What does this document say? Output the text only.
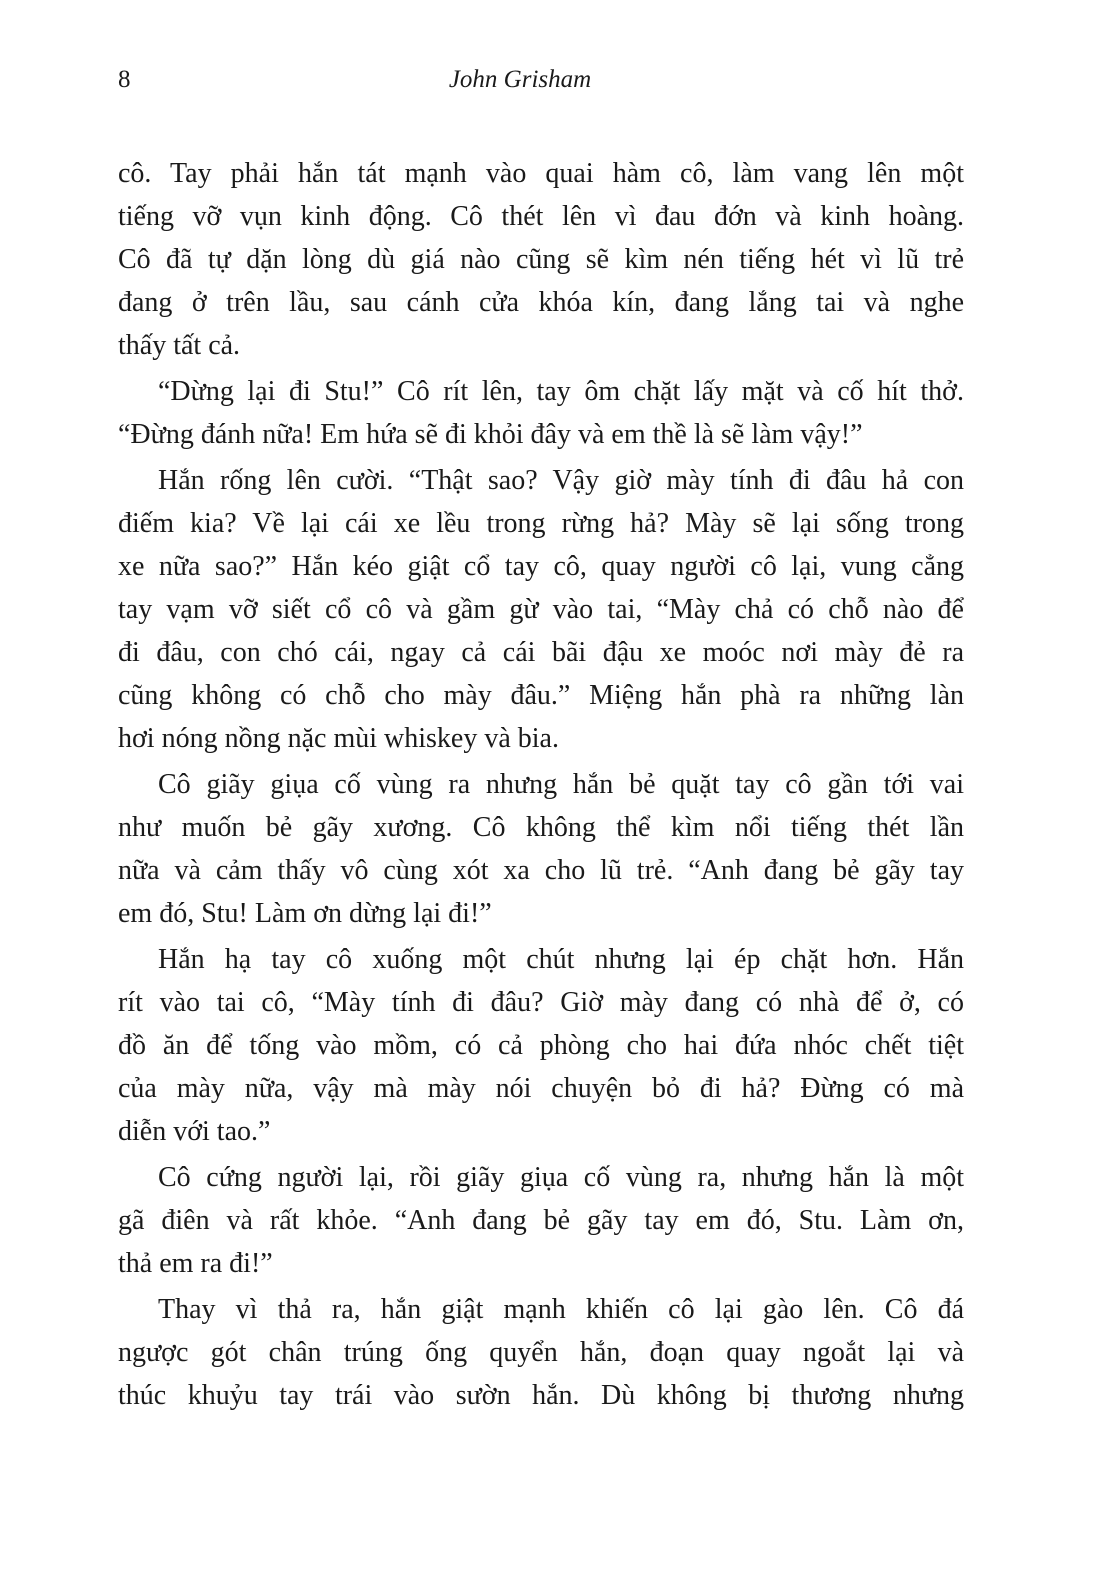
8	John Grisham
cô. Tay phải hắn tát mạnh vào quai hàm cô, làm vang lên một
tiếng vỡ vụn kinh động. Cô thét lên vì đau đớn và kinh hoàng.
Cô đã tự dặn lòng dù giá nào cũng sẽ kìm nén tiếng hét vì lũ trẻ
đang ở trên lầu, sau cánh cửa khóa kín, đang lắng tai và nghe
thấy tất cả.
“Dừng lại đi Stu!” Cô rít lên, tay ôm chặt lấy mặt và cố hít thở.
“Đừng đánh nữa! Em hứa sẽ đi khỏi đây và em thề là sẽ làm vậy!”
Hắn rống lên cười. “Thật sao? Vậy giờ mày tính đi đâu hả con
điếm kia? Về lại cái xe lều trong rừng hả? Mày sẽ lại sống trong
xe nữa sao?” Hắn kéo giật cổ tay cô, quay người cô lại, vung cẳng
tay vạm vỡ siết cổ cô và gầm gừ vào tai, “Mày chả có chỗ nào để
đi đâu, con chó cái, ngay cả cái bãi đậu xe moóc nơi mày đẻ ra
cũng không có chỗ cho mày đâu.” Miệng hắn phà ra những làn
hơi nóng nồng nặc mùi whiskey và bia.
Cô giãy giụa cố vùng ra nhưng hắn bẻ quặt tay cô gần tới vai
như muốn bẻ gãy xương. Cô không thể kìm nổi tiếng thét lần
nữa và cảm thấy vô cùng xót xa cho lũ trẻ. “Anh đang bẻ gãy tay
em đó, Stu! Làm ơn dừng lại đi!”
Hắn hạ tay cô xuống một chút nhưng lại ép chặt hơn. Hắn
rít vào tai cô, “Mày tính đi đâu? Giờ mày đang có nhà để ở, có
đồ ăn để tống vào mồm, có cả phòng cho hai đứa nhóc chết tiệt
của mày nữa, vậy mà mày nói chuyện bỏ đi hả? Đừng có mà
diễn với tao.”
Cô cứng người lại, rồi giãy giụa cố vùng ra, nhưng hắn là một
gã điên và rất khỏe. “Anh đang bẻ gãy tay em đó, Stu. Làm ơn,
thả em ra đi!”
Thay vì thả ra, hắn giật mạnh khiến cô lại gào lên. Cô đá
ngược gót chân trúng ống quyển hắn, đoạn quay ngoắt lại và
thúc khuỷu tay trái vào sườn hắn. Dù không bị thương nhưng
